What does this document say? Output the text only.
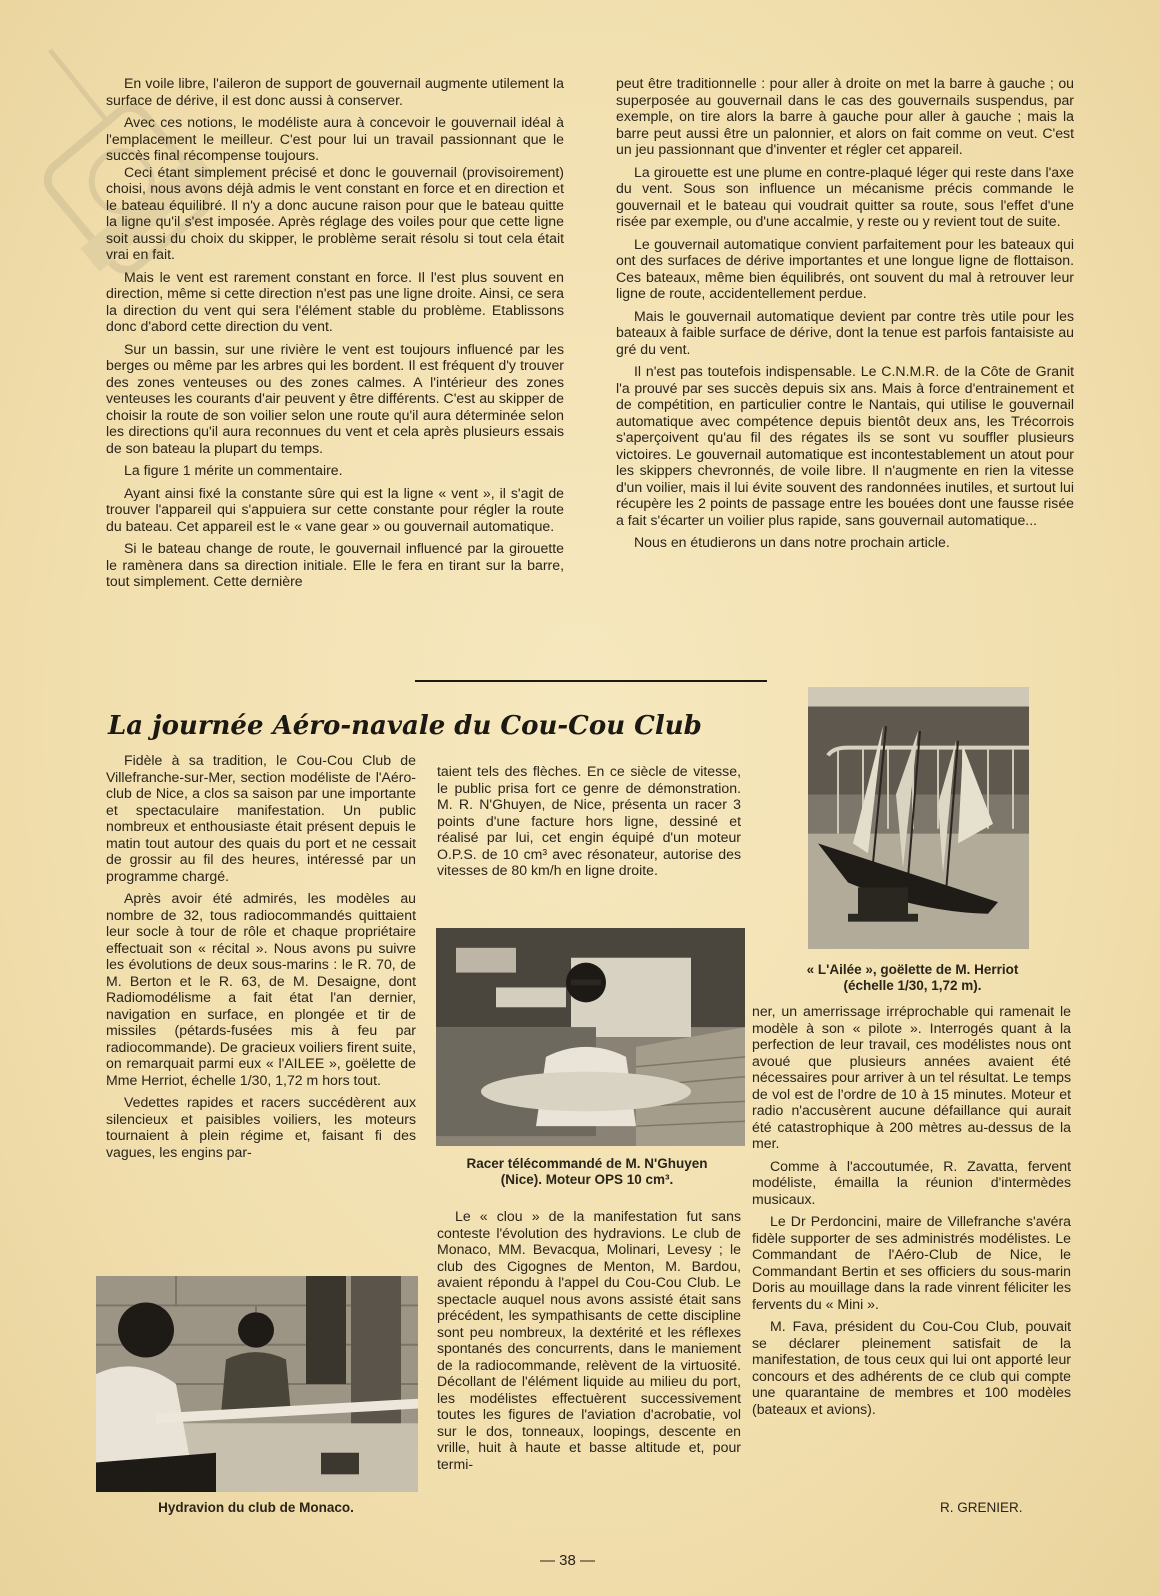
En voile libre, l'aileron de support de gouvernail augmente utilement la surface de dérive, il est donc aussi à conserver.

Avec ces notions, le modéliste aura à concevoir le gouvernail idéal à l'emplacement le meilleur. C'est pour lui un travail passionnant que le succès final récompense toujours.

Ceci étant simplement précisé et donc le gouvernail (provisoirement) choisi, nous avons déjà admis le vent constant en force et en direction et le bateau équilibré. Il n'y a donc aucune raison pour que le bateau quitte la ligne qu'il s'est imposée. Après réglage des voiles pour que cette ligne soit aussi du choix du skipper, le problème serait résolu si tout cela était vrai en fait.

Mais le vent est rarement constant en force. Il l'est plus souvent en direction, même si cette direction n'est pas une ligne droite. Ainsi, ce sera la direction du vent qui sera l'élément stable du problème. Etablissons donc d'abord cette direction du vent.

Sur un bassin, sur une rivière le vent est toujours influencé par les berges ou même par les arbres qui les bordent. Il est fréquent d'y trouver des zones venteuses ou des zones calmes. A l'intérieur des zones venteuses les courants d'air peuvent y être différents. C'est au skipper de choisir la route de son voilier selon une route qu'il aura déterminée selon les directions qu'il aura reconnues du vent et cela après plusieurs essais de son bateau la plupart du temps.

La figure 1 mérite un commentaire.

Ayant ainsi fixé la constante sûre qui est la ligne « vent », il s'agit de trouver l'appareil qui s'appuiera sur cette constante pour régler la route du bateau. Cet appareil est le « vane gear » ou gouvernail automatique.

Si le bateau change de route, le gouvernail influencé par la girouette le ramènera dans sa direction initiale. Elle le fera en tirant sur la barre, tout simplement. Cette dernière

peut être traditionnelle : pour aller à droite on met la barre à gauche ; ou superposée au gouvernail dans le cas des gouvernails suspendus, par exemple, on tire alors la barre à gauche pour aller à gauche ; mais la barre peut aussi être un palonnier, et alors on fait comme on veut. C'est un jeu passionnant que d'inventer et régler cet appareil.

La girouette est une plume en contre-plaqué léger qui reste dans l'axe du vent. Sous son influence un mécanisme précis commande le gouvernail et le bateau qui voudrait quitter sa route, sous l'effet d'une risée par exemple, ou d'une accalmie, y reste ou y revient tout de suite.

Le gouvernail automatique convient parfaitement pour les bateaux qui ont des surfaces de dérive importantes et une longue ligne de flottaison. Ces bateaux, même bien équilibrés, ont souvent du mal à retrouver leur ligne de route, accidentellement perdue.

Mais le gouvernail automatique devient par contre très utile pour les bateaux à faible surface de dérive, dont la tenue est parfois fantaisiste au gré du vent.

Il n'est pas toutefois indispensable. Le C.N.M.R. de la Côte de Granit l'a prouvé par ses succès depuis six ans. Mais à force d'entrainement et de compétition, en particulier contre le Nantais, qui utilise le gouvernail automatique avec compétence depuis bientôt deux ans, les Trécorrois s'aperçoivent qu'au fil des régates ils se sont vu souffler plusieurs victoires. Le gouvernail automatique est incontestablement un atout pour les skippers chevronnés, de voile libre. Il n'augmente en rien la vitesse d'un voilier, mais il lui évite souvent des randonnées inutiles, et surtout lui récupère les 2 points de passage entre les bouées dont une fausse risée a fait s'écarter un voilier plus rapide, sans gouvernail automatique...

Nous en étudierons un dans notre prochain article.

La journée Aéro-navale du Cou-Cou Club
« L'Ailée », goëlette de M. Herriot
(échelle 1/30, 1,72 m).

Fidèle à sa tradition, le Cou-Cou Club de Villefranche-sur-Mer, section modéliste de l'Aéro-club de Nice, a clos sa saison par une importante et spectaculaire manifestation. Un public nombreux et enthousiaste était présent depuis le matin tout autour des quais du port et ne cessait de grossir au fil des heures, intéressé par un programme chargé.

Après avoir été admirés, les modèles au nombre de 32, tous radiocommandés quittaient leur socle à tour de rôle et chaque propriétaire effectuait son « récital ». Nous avons pu suivre les évolutions de deux sous-marins : le R. 70, de M. Berton et le R. 63, de M. Desaigne, dont Radiomodélisme a fait état l'an dernier, navigation en surface, en plongée et tir de missiles (pétards-fusées mis à feu par radiocommande). De gracieux voiliers firent suite, on remarquait parmi eux « l'AILEE », goëlette de Mme Herriot, échelle 1/30, 1,72 m hors tout.

Vedettes rapides et racers succédèrent aux silencieux et paisibles voiliers, les moteurs tournaient à plein régime et, faisant fi des vagues, les engins par-

Hydravion du club de Monaco.

taient tels des flèches. En ce siècle de vitesse, le public prisa fort ce genre de démonstration. M. R. N'Ghuyen, de Nice, présenta un racer 3 points d'une facture hors ligne, dessiné et réalisé par lui, cet engin équipé d'un moteur O.P.S. de 10 cm³ avec résonateur, autorise des vitesses de 80 km/h en ligne droite.

Racer télécommandé de M. N'Ghuyen
(Nice). Moteur OPS 10 cm³.

Le « clou » de la manifestation fut sans conteste l'évolution des hydravions. Le club de Monaco, MM. Bevacqua, Molinari, Levesy ; le club des Cigognes de Menton, M. Bardou, avaient répondu à l'appel du Cou-Cou Club. Le spectacle auquel nous avons assisté était sans précédent, les sympathisants de cette discipline sont peu nombreux, la dextérité et les réflexes spontanés des concurrents, dans le maniement de la radiocommande, relèvent de la virtuosité. Décollant de l'élément liquide au milieu du port, les modélistes effectuèrent successivement toutes les figures de l'aviation d'acrobatie, vol sur le dos, tonneaux, loopings, descente en vrille, huit à haute et basse altitude et, pour termi-

ner, un amerrissage irréprochable qui ramenait le modèle à son « pilote ». Interrogés quant à la perfection de leur travail, ces modélistes nous ont avoué que plusieurs années avaient été nécessaires pour arriver à un tel résultat. Le temps de vol est de l'ordre de 10 à 15 minutes. Moteur et radio n'accusèrent aucune défaillance qui aurait été catastrophique à 200 mètres au-dessus de la mer.

Comme à l'accoutumée, R. Zavatta, fervent modéliste, émailla la réunion d'intermèdes musicaux.

Le Dr Perdoncini, maire de Villefranche s'avéra fidèle supporter de ses administrés modélistes. Le Commandant de l'Aéro-Club de Nice, le Commandant Bertin et ses officiers du sous-marin Doris au mouillage dans la rade vinrent féliciter les fervents du « Mini ».

M. Fava, président du Cou-Cou Club, pouvait se déclarer pleinement satisfait de la manifestation, de tous ceux qui lui ont apporté leur concours et des adhérents de ce club qui compte une quarantaine de membres et 100 modèles (bateaux et avions).

R. GRENIER.
— 38 —
